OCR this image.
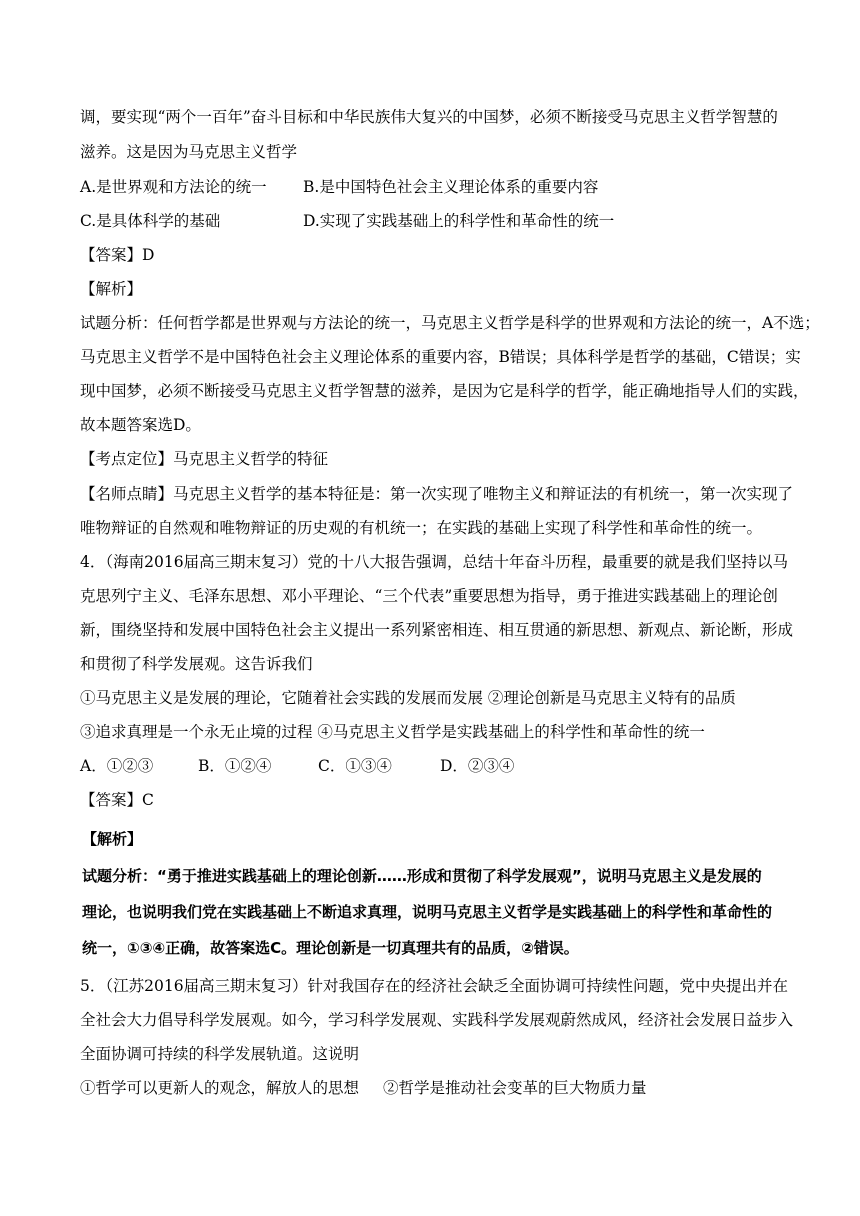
调，要实现“两个一百年”奋斗目标和中华民族伟大复兴的中国梦，必须不断接受马克思主义哲学智慧的
滋养。这是因为马克思主义哲学
A.是世界观和方法论的统一 B.是中国特色社会主义理论体系的重要内容
C.是具体科学的基础	D.实现了实践基础上的科学性和革命性的统一
【答案】D
【解析】
试题分析：任何哲学都是世界观与方法论的统一，马克思主义哲学是科学的世界观和方法论的统一，A不选；
马克思主义哲学不是中国特色社会主义理论体系的重要内容，B错误；具体科学是哲学的基础，C错误；实
现中国梦，必须不断接受马克思主义哲学智慧的滋养，是因为它是科学的哲学，能正确地指导人们的实践，
故本题答案选D。
【考点定位】马克思主义哲学的特征
【名师点睛】马克思主义哲学的基本特征是：第一次实现了唯物主义和辩证法的有机统一，第一次实现了
唯物辩证的自然观和唯物辩证的历史观的有机统一；在实践的基础上实现了科学性和革命性的统一。
4．（海南2016届高三期末复习）党的十八大报告强调，总结十年奋斗历程，最重要的就是我们坚持以马
克思列宁主义、毛泽东思想、邓小平理论、“三个代表”重要思想为指导，勇于推进实践基础上的理论创
新，围绕坚持和发展中国特色社会主义提出一系列紧密相连、相互贯通的新思想、新观点、新论断，形成
和贯彻了科学发展观。这告诉我们
①马克思主义是发展的理论，它随着社会实践的发展而发展 ②理论创新是马克思主义特有的品质
③追求真理是一个永无止境的过程 ④马克思主义哲学是实践基础上的科学性和革命性的统一
A．①②③	B．①②④	C．①③④	D．②③④
【答案】C
【解析】
试题分析：“勇于推进实践基础上的理论创新……形成和贯彻了科学发展观”，说明马克思主义是发展的
理论，也说明我们党在实践基础上不断追求真理，说明马克思主义哲学是实践基础上的科学性和革命性的
统一，①③④正确，故答案选C。理论创新是一切真理共有的品质，②错误。
5．（江苏2016届高三期末复习）针对我国存在的经济社会缺乏全面协调可持续性问题，党中央提出并在
全社会大力倡导科学发展观。如今，学习科学发展观、实践科学发展观蔚然成风，经济社会发展日益步入
全面协调可持续的科学发展轨道。这说明
①哲学可以更新人的观念，解放人的思想 ②哲学是推动社会变革的巨大物质力量
